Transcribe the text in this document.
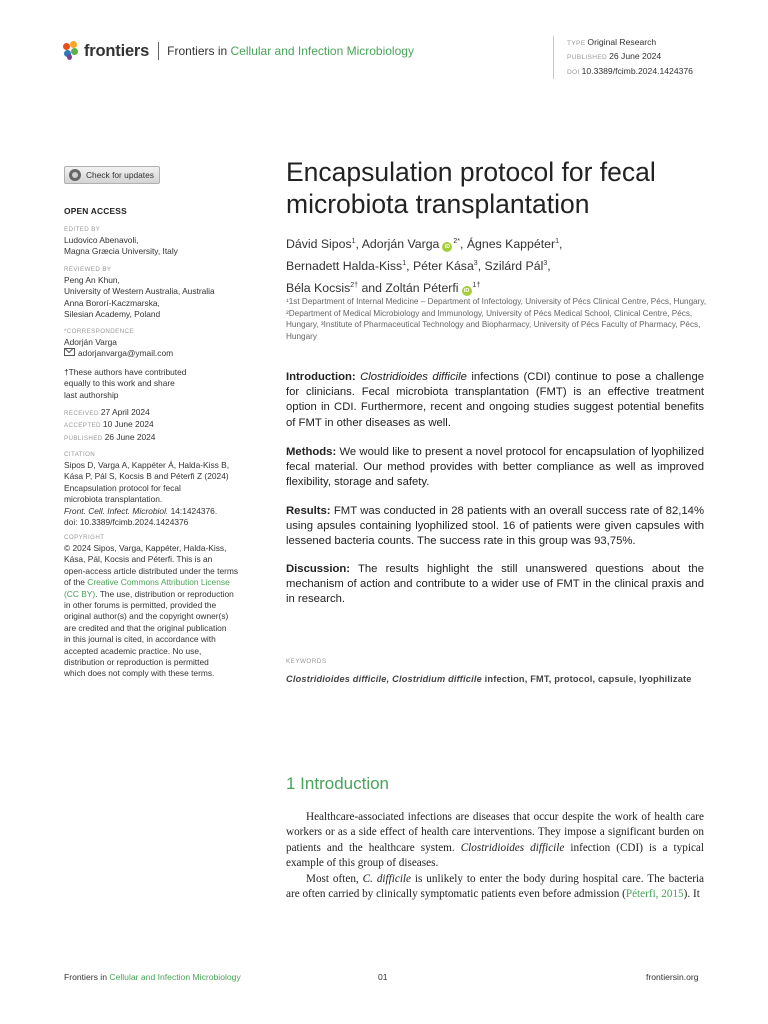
frontiers Frontiers in Cellular and Infection Microbiology
TYPE Original Research
PUBLISHED 26 June 2024
DOI 10.3389/fcimb.2024.1424376
Check for updates
OPEN ACCESS
EDITED BY
Ludovico Abenavoli,
Magna Græcia University, Italy
REVIEWED BY
Peng An Khun,
University of Western Australia, Australia
Anna Bororí-Kaczmarska,
Silesian Academy, Poland
*CORRESPONDENCE
Adorján Varga
adorjanvarga@ymail.com
†These authors have contributed
equally to this work and share
last authorship
RECEIVED 27 April 2024
ACCEPTED 10 June 2024
PUBLISHED 26 June 2024
CITATION
Sipos D, Varga A, Kappéter Á, Halda-Kiss B,
Kása P, Pál S, Kocsis B and Péterfi Z (2024)
Encapsulation protocol for fecal
microbiota transplantation.
Front. Cell. Infect. Microbiol. 14:1424376.
doi: 10.3389/fcimb.2024.1424376
COPYRIGHT
© 2024 Sipos, Varga, Kappéter, Halda-Kiss,
Kása, Pál, Kocsis and Péterfi. This is an
open-access article distributed under the terms
of the Creative Commons Attribution License
(CC BY). The use, distribution or reproduction
in other forums is permitted, provided the
original author(s) and the copyright owner(s)
are credited and that the original publication
in this journal is cited, in accordance with
accepted academic practice. No use,
distribution or reproduction is permitted
which does not comply with these terms.
Encapsulation protocol for fecal microbiota transplantation
Dávid Sipos$^1$, Adorján Varga $iD^{2*}$, Ágnes Kappéter$^1$,
Bernadett Halda-Kiss$^1$, Péter Kása$^3$, Szilárd Pál$^3$,
Béla Kocsis$^{2\dagger}$ and Zoltán Péterfi $iD^{1\dagger}$
¹1st Department of Internal Medicine – Department of Infectology, University of Pécs Clinical Centre, Pécs, Hungary, ²Department of Medical Microbiology and Immunology, University of Pécs Medical School, Clinical Centre, Pécs, Hungary, ³Institute of Pharmaceutical Technology and Biopharmacy, University of Pécs Faculty of Pharmacy, Pécs, Hungary
Introduction: Clostridioides difficile infections (CDI) continue to pose a challenge for clinicians. Fecal microbiota transplantation (FMT) is an effective treatment option in CDI. Furthermore, recent and ongoing studies suggest potential benefits of FMT in other diseases as well.
Methods: We would like to present a novel protocol for encapsulation of lyophilized fecal material. Our method provides with better compliance as well as improved flexibility, storage and safety.
Results: FMT was conducted in 28 patients with an overall success rate of 82,14% using apsules containing lyophilized stool. 16 of patients were given capsules with lessened bacteria counts. The success rate in this group was 93,75%.
Discussion: The results highlight the still unanswered questions about the mechanism of action and contribute to a wider use of FMT in the clinical praxis and in research.
KEYWORDS
Clostridioides difficile, Clostridium difficile infection, FMT, protocol, capsule, lyophilizate
1 Introduction
Healthcare-associated infections are diseases that occur despite the work of health care workers or as a side effect of health care interventions. They impose a significant burden on patients and the healthcare system. Clostridioides difficile infection (CDI) is a typical example of this group of diseases.
Most often, C. difficile is unlikely to enter the body during hospital care. The bacteria are often carried by clinically symptomatic patients even before admission (Péterfi, 2015). It
Frontiers in Cellular and Infection Microbiology	01	frontiersin.org
